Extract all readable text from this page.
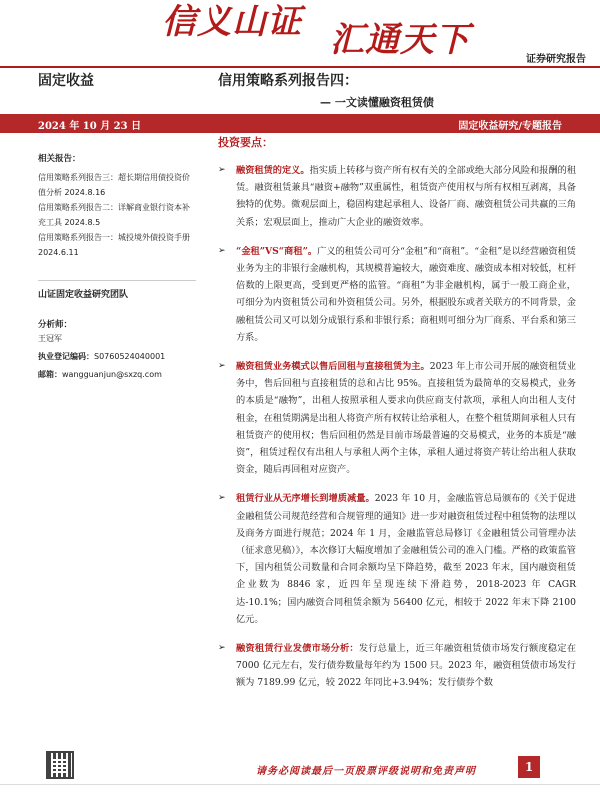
信义山证 汇通天下	证券研究报告
固定收益	信用策略系列报告四：
— 一文读懂融资租赁债
2024 年 10 月 23 日	固定收益研究/专题报告
相关报告：
信用策略系列报告三：超长期信用债投资价值分析 2024.8.16
信用策略系列报告二：详解商业银行资本补充工具 2024.8.5
信用策略系列报告一：城投境外债投资手册 2024.6.11
山证固定收益研究团队
分析师：
王冠军
执业登记编码：S0760524040001
邮箱：wangguanjun@sxzq.com
投资要点：
➢ 融资租赁的定义。指实质上转移与资产所有权有关的全部或绝大部分风险和报酬的租赁。融资租赁兼具“融资+融物”双重属性，租赁资产使用权与所有权相互剥离，具备独特的优势。微观层面上，稳固构建起承租人、设备厂商、融资租赁公司共赢的三角关系；宏观层面上，推动广大企业的融资效率。
➢ “金租”VS“商租”。广义的租赁公司可分“金租”和“商租”。“金租”是以经营融资租赁业务为主的非银行金融机构，其规模普遍较大，融资难度、融资成本相对较低，杠杆倍数的上限更高，受到更严格的监管。“商租”为非金融机构，属于一般工商企业，可细分为内资租赁公司和外资租赁公司。另外，根据股东或者关联方的不同背景，金融租赁公司又可以划分成银行系和非银行系；商租则可细分为厂商系、平台系和第三方系。
➢ 融资租赁业务模式以售后回租与直接租赁为主。2023 年上市公司开展的融资租赁业务中，售后回租与直接租赁的总和占比 95%。直接租赁为最简单的交易模式，业务的本质是“融物”，出租人按照承租人要求向供应商支付款项，承租人向出租人支付租金，在租赁期满是出租人将资产所有权转让给承租人，在整个租赁期间承租人只有租赁资产的使用权；售后回租仍然是目前市场最普遍的交易模式，业务的本质是“融资”，租赁过程仅有出租人与承租人两个主体，承租人通过将资产转让给出租人获取资金，随后再回租对应资产。
➢ 租赁行业从无序增长到增质减量。2023 年 10 月，金融监管总局颁布的《关于促进金融租赁公司规范经营和合规管理的通知》进一步对融资租赁过程中租赁物的法理以及商务方面进行规范；2024 年 1 月，金融监管总局修订《金融租赁公司管理办法（征求意见稿）》，本次修订大幅度增加了金融租赁公司的准入门槛。严格的政策监管下，国内租赁公司数量和合同余额均呈下降趋势，截至 2023 年末，国内融资租赁企业数为 8846 家，近四年呈现连续下滑趋势，2018-2023 年 CAGR 达-10.1%；国内融资合同租赁余额为 56400 亿元，相较于 2022 年末下降 2100 亿元。
➢ 融资租赁行业发债市场分析：发行总量上，近三年融资租赁债市场发行额度稳定在 7000 亿元左右，发行债券数量每年约为 1500 只。2023 年，融资租赁债市场发行额为 7189.99 亿元，较 2022 年同比+3.94%；发行债券个数
请务必阅读最后一页股票评级说明和免责声明	1
